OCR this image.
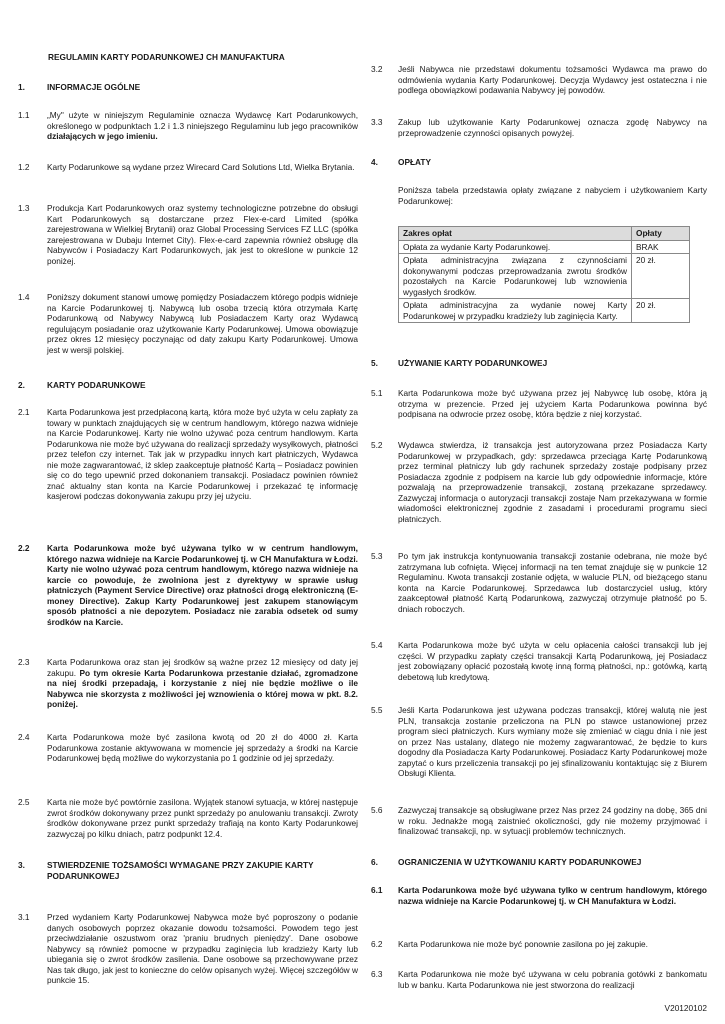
REGULAMIN KARTY PODARUNKOWEJ CH MANUFAKTURA
1.	INFORMACJE OGÓLNE
1.1 „My" użyte w niniejszym Regulaminie oznacza Wydawcę Kart Podarunkowych, określonego w podpunktach 1.2 i 1.3 niniejszego Regulaminu lub jego pracowników działających w jego imieniu.
1.2 Karty Podarunkowe są wydane przez Wirecard Card Solutions Ltd, Wielka Brytania.
1.3 Produkcja Kart Podarunkowych oraz systemy technologiczne potrzebne do obsługi Kart Podarunkowych są dostarczane przez Flex-e-card Limited (spółka zarejestrowana w Wielkiej Brytanii) oraz Global Processing Services FZ LLC (spółka zarejestrowana w Dubaju Internet City). Flex-e-card zapewnia również obsługę dla Nabywców i Posiadaczy Kart Podarunkowych, jak jest to określone w punkcie 12 poniżej.
1.4 Poniższy dokument stanowi umowę pomiędzy Posiadaczem którego podpis widnieje na Karcie Podarunkowej tj. Nabywcą lub osoba trzecią która otrzymała Kartę Podarunkową od Nabywcy Nabywcą lub Posiadaczem Karty oraz Wydawcą regulującym posiadanie oraz użytkowanie Karty Podarunkowej. Umowa obowiązuje przez okres 12 miesięcy poczynając od daty zakupu Karty Podarunkowej. Umowa jest w wersji polskiej.
2.	KARTY PODARUNKOWE
2.1 Karta Podarunkowa jest przedpłaconą kartą, która może być użyta w celu zapłaty za towary w punktach znajdujących się w centrum handlowym, którego nazwa widnieje na Karcie Podarunkowej. Karty nie wolno używać poza centrum handlowym. Karta Podarunkowa nie może być używana do realizacji sprzedaży wysyłkowych, płatności przez telefon czy internet. Tak jak w przypadku innych kart płatniczych, Wydawca nie może zagwarantować, iż sklep zaakceptuje płatność Kartą – Posiadacz powinien się co do tego upewnić przed dokonaniem transakcji. Posiadacz powinien również znać aktualny stan konta na Karcie Podarunkowej i przekazać tę informację kasjerowi podczas dokonywania zakupu przy jej użyciu.
2.2 Karta Podarunkowa może być używana tylko w w centrum handlowym, którego nazwa widnieje na Karcie Podarunkowej tj. w CH Manufaktura w Łodzi. Karty nie wolno używać poza centrum handlowym, którego nazwa widnieje na karcie co powoduje, że zwolniona jest z dyrektywy w sprawie usług płatniczych (Payment Service Directive) oraz płatności drogą elektroniczną (E-money Directive). Zakup Karty Podarunkowej jest zakupem stanowiącym sposób płatności a nie depozytem. Posiadacz nie zarabia odsetek od sumy środków na Karcie.
2.3 Karta Podarunkowa oraz stan jej środków są ważne przez 12 miesięcy od daty jej zakupu. Po tym okresie Karta Podarunkowa przestanie działać, zgromadzone na niej środki przepadają, i korzystanie z niej nie będzie możliwe o ile Nabywca nie skorzysta z możliwości jej wznowienia o której mowa w pkt. 8.2. poniżej.
2.4 Karta Podarunkowa może być zasilona kwotą od 20 zł do 4000 zł. Karta Podarunkowa zostanie aktywowana w momencie jej sprzedaży a środki na Karcie Podarunkowej będą możliwe do wykorzystania po 1 godzinie od jej sprzedaży.
2.5 Karta nie może być powtórnie zasilona. Wyjątek stanowi sytuacja, w której następuje zwrot środków dokonywany przez punkt sprzedaży po anulowaniu transakcji. Zwroty środków dokonywane przez punkt sprzedaży trafiają na konto Karty Podarunkowej zazwyczaj po kilku dniach, patrz podpunkt 12.4.
3.	STWIERDZENIE TOŻSAMOŚCI WYMAGANE PRZY ZAKUPIE KARTY PODARUNKOWEJ
3.1 Przed wydaniem Karty Podarunkowej Nabywca może być poproszony o podanie danych osobowych poprzez okazanie dowodu tożsamości. Powodem tego jest przeciwdziałanie oszustwom oraz 'praniu brudnych pieniędzy'. Dane osobowe Nabywcy są również pomocne w przypadku zaginięcia lub kradzieży Karty lub ubiegania się o zwrot środków zasilenia. Dane osobowe są przechowywane przez Nas tak długo, jak jest to konieczne do celów opisanych wyżej. Więcej szczegółów w punkcie 15.
3.2 Jeśli Nabywca nie przedstawi dokumentu tożsamości Wydawca ma prawo do odmówienia wydania Karty Podarunkowej. Decyzja Wydawcy jest ostateczna i nie podlega obowiązkowi podawania Nabywcy jej powodów.
3.3 Zakup lub użytkowanie Karty Podarunkowej oznacza zgodę Nabywcy na przeprowadzenie czynności opisanych powyżej.
4. OPŁATY
Poniższa tabela przedstawia opłaty związane z nabyciem i użytkowaniem Karty Podarunkowej:
5. UŻYWANIE KARTY PODARUNKOWEJ
5.1 Karta Podarunkowa może być używana przez jej Nabywcę lub osobę, która ją otrzyma w prezencie. Przed jej użyciem Karta Podarunkowa powinna być podpisana na odwrocie przez osobę, która będzie z niej korzystać.
5.2 Wydawca stwierdza, iż transakcja jest autoryzowana przez Posiadacza Karty Podarunkowej w przypadkach, gdy: sprzedawca przeciąga Kartę Podarunkową przez terminal płatniczy lub gdy rachunek sprzedaży zostaje podpisany przez Posiadacza zgodnie z podpisem na karcie lub gdy odpowiednie informacje, które pozwalają na przeprowadzenie transakcji, zostaną przekazane sprzedawcy. Zazwyczaj informacja o autoryzacji transakcji zostaje Nam przekazywana w formie wiadomości elektronicznej zgodnie z zasadami i procedurami programu sieci płatniczych.
5.3 Po tym jak instrukcja kontynuowania transakcji zostanie odebrana, nie może być zatrzymana lub cofnięta. Więcej informacji na ten temat znajduje się w punkcie 12 Regulaminu. Kwota transakcji zostanie odjęta, w walucie PLN, od bieżącego stanu konta na Karcie Podarunkowej. Sprzedawca lub dostarczyciel usług, który zaakceptował płatność Kartą Podarunkową, zazwyczaj otrzymuje płatność po 5. dniach roboczych.
5.4 Karta Podarunkowa może być użyta w celu opłacenia całości transakcji lub jej części. W przypadku zapłaty części transakcji Kartą Podarunkową, jej Posiadacz jest zobowiązany opłacić pozostałą kwotę inną formą płatności, np.: gotówką, kartą debetową lub kredytową.
5.5 Jeśli Karta Podarunkowa jest używana podczas transakcji, której walutą nie jest PLN, transakcja zostanie przeliczona na PLN po stawce ustanowionej przez program sieci płatniczych. Kurs wymiany może się zmieniać w ciągu dnia i nie jest on przez Nas ustalany, dlatego nie możemy zagwarantować, że będzie to kurs dogodny dla Posiadacza Karty Podarunkowej. Posiadacz Karty Podarunkowej może zapytać o kurs przeliczenia transakcji po jej sfinalizowaniu kontaktując się z Biurem Obsługi Klienta.
5.6 Zazwyczaj transakcje są obsługiwane przez Nas przez 24 godziny na dobę, 365 dni w roku. Jednakże mogą zaistnieć okoliczności, gdy nie możemy przyjmować i finalizować transakcji, np. w sytuacji problemów technicznych.
6. OGRANICZENIA W UŻYTKOWANIU KARTY PODARUNKOWEJ
6.1 Karta Podarunkowa może być używana tylko w centrum handlowym, którego nazwa widnieje na Karcie Podarunkowej tj. w CH Manufaktura w Łodzi.
6.2 Karta Podarunkowa nie może być ponownie zasilona po jej zakupie.
6.3 Karta Podarunkowa nie może być używana w celu pobrania gotówki z bankomatu lub w banku. Karta Podarunkowa nie jest stworzona do realizacji
Zakres opłat	Opłaty
Opłata za wydanie Karty Podarunkowej.	BRAK
Opłata administracyjna związana z czynnościami dokonywanymi podczas przeprowadzania zwrotu środków pozostałych na Karcie Podarunkowej lub wznowienia wygasłych środków.	20 zł.
Opłata administracyjna za wydanie nowej Karty Podarunkowej w przypadku kradzieży lub zaginięcia Karty.	20 zł.
V20120102
